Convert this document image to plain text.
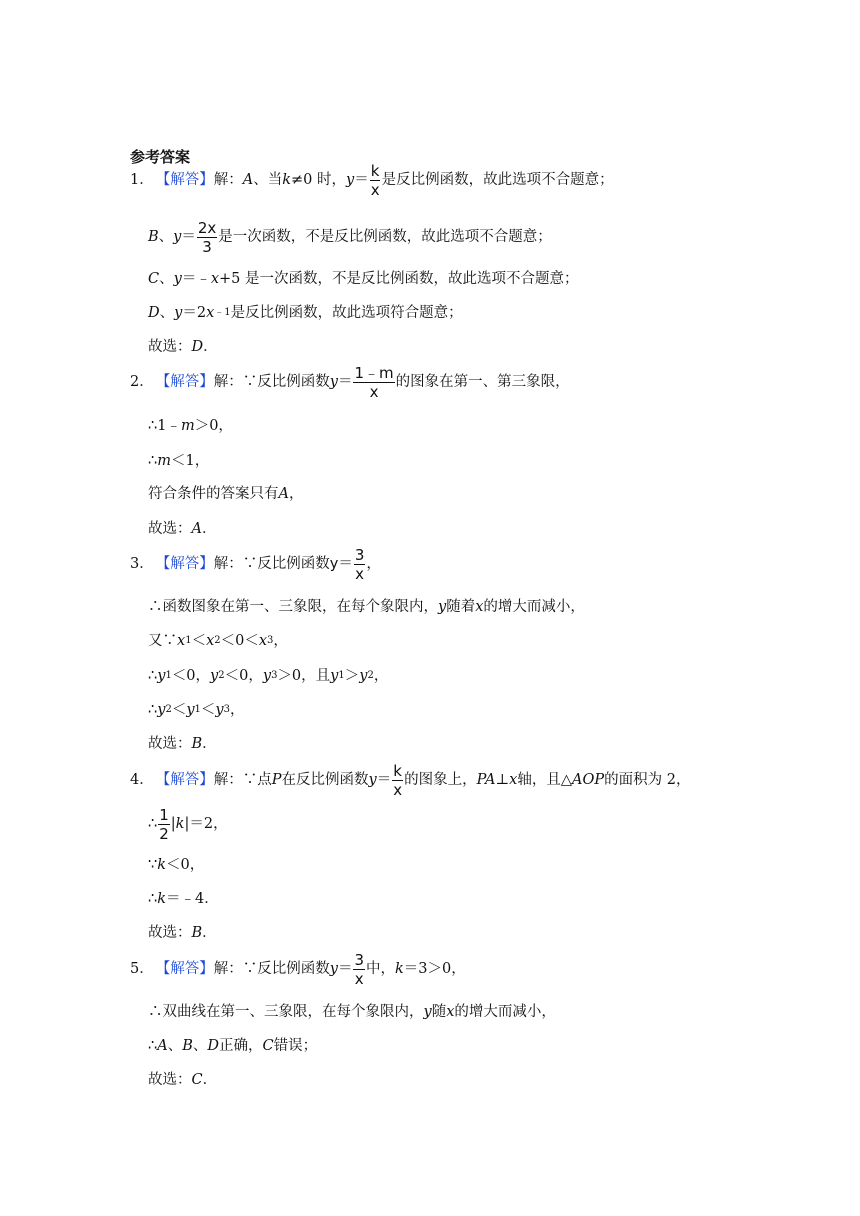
参考答案
1． 【解答】 解： A 、当 k ≠0 时， $y = \frac{k}{x}$ 是反比例函数，故此选项不合题意；
B 、 $y = \frac{2x}{3}$ 是一次函数，不是反比例函数，故此选项不合题意；
C 、 y ＝﹣ x +5 是一次函数，不是反比例函数，故此选项不合题意；
D 、 y ＝2 x ﹣1 是反比例函数，故此选项符合题意；
故选： D ．
2． 【解答】 解：∵反比例函数 $y = \frac{1﹣m}{x}$ 的图象在第一、第三象限，
∴1﹣ m ＞0，
∴ m ＜1，
符合条件的答案只有 A ，
故选： A ．
3． 【解答】 解：∵反比例函数 $y = \frac{3}{x}$ ，
∴函数图象在第一、三象限，在每个象限内， y 随着 x 的增大而减小，
又∵ x 1 ＜ x 2 ＜0＜ x 3 ，
∴ y 1 ＜0， y 2 ＜0， y 3 ＞0，且 y 1 ＞ y 2 ，
∴ y 2 ＜ y 1 ＜ y 3 ，
故选： B ．
4． 【解答】 解：∵点 P 在反比例函数 $y = \frac{k}{x}$ 的图象上， PA ⊥ x 轴，且△ AOP 的面积为 2，
∴ $\frac{1}{2}$ | k |＝2，
∵ k ＜0，
∴ k ＝﹣4．
故选： B ．
5． 【解答】 解：∵反比例函数 $y = \frac{3}{x}$ 中， k ＝3＞0，
∴双曲线在第一、三象限，在每个象限内， y 随 x 的增大而减小，
∴ A 、 B 、 D 正确， C 错误；
故选： C ．
